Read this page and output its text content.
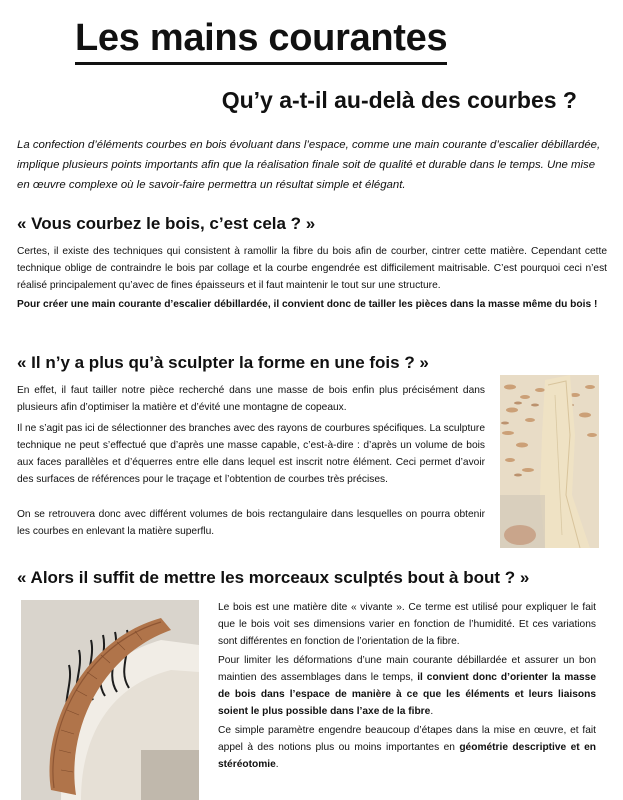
Les mains courantes
Qu’y a-t-il au-delà des courbes ?

La confection d’éléments courbes en bois évoluant dans l’espace, comme une main courante d’escalier débillardée, implique plusieurs points importants afin que la réalisation finale soit de qualité et durable dans le temps. Une mise en œuvre complexe où le savoir-faire permettra un résultat simple et élégant.

« Vous courbez le bois, c’est cela ? »

Certes, il existe des techniques qui consistent à ramollir la fibre du bois afin de courber, cintrer cette matière. Cependant cette technique oblige de contraindre le bois par collage et la courbe engendrée est difficilement maitrisable. C’est pourquoi ceci n’est réalisé principalement qu’avec de fines épaisseurs et il faut maintenir le tout sur une structure.

Pour créer une main courante d’escalier débillardée, il convient donc de tailler les pièces dans la masse même du bois !

« Il n’y a plus qu’à sculpter la forme en une fois ? »

En effet, il faut tailler notre pièce recherché dans une masse de bois enfin plus précisément dans plusieurs afin d’optimiser la matière et d’évité une montagne de copeaux.

Il ne s’agit pas ici de sélectionner des branches avec des rayons de courbures spécifiques. La sculpture technique ne peut s’effectué que d’après une masse capable, c’est-à-dire : d’après un volume de bois aux faces parallèles et d’équerres entre elle dans lequel est inscrit notre élément. Ceci permet d’avoir des surfaces de références pour le traçage et l’obtention de courbes très précises.

On se retrouvera donc avec différent volumes de bois rectangulaire dans lesquelles on pourra obtenir les courbes en enlevant la matière superflu.

« Alors il suffit de mettre les morceaux sculptés bout à bout ? »

Le bois est une matière dite « vivante ». Ce terme est utilisé pour expliquer le fait que le bois voit ses dimensions varier en fonction de l’humidité. Et ces variations sont différentes en fonction de l’orientation de la fibre.

Pour limiter les déformations d’une main courante débillardée et assurer un bon maintien des assemblages dans le temps, il convient donc d’orienter la masse de bois dans l’espace de manière à ce que les éléments et leurs liaisons soient le plus possible dans l’axe de la fibre.

Ce simple paramètre engendre beaucoup d’étapes dans la mise en œuvre, et fait appel à des notions plus ou moins importantes en géométrie descriptive et en stéréotomie.
